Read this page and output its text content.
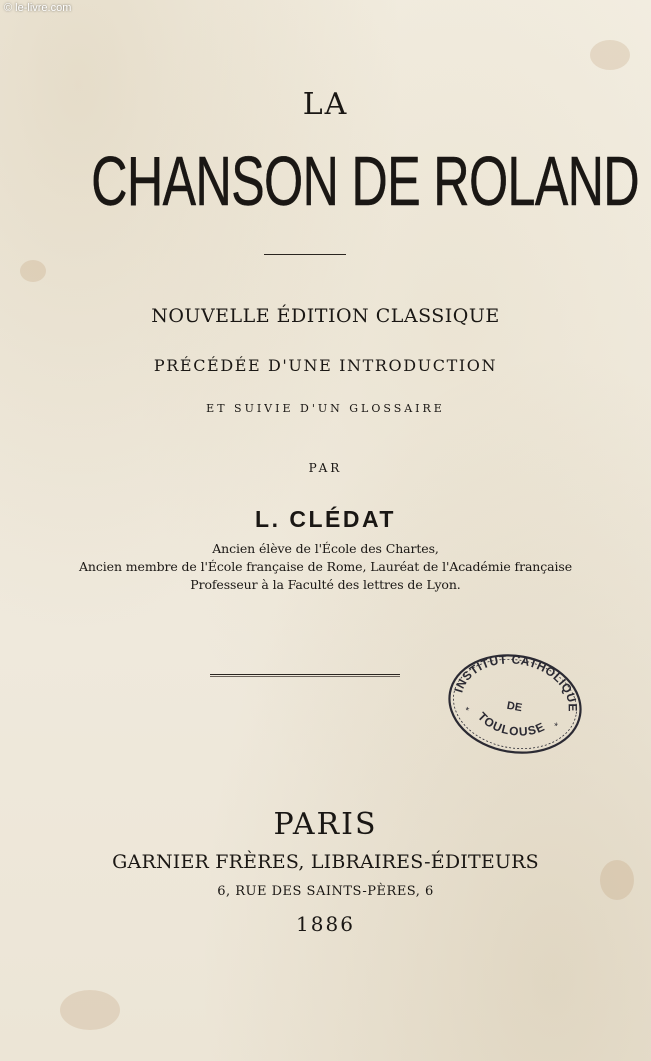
© le-livre.com
LA
CHANSON DE ROLAND
NOUVELLE ÉDITION CLASSIQUE
PRÉCÉDÉE D'UNE INTRODUCTION
ET SUIVIE D'UN GLOSSAIRE
PAR
L. CLÉDAT
Ancien élève de l'École des Chartes,
Ancien membre de l'École française de Rome, Lauréat de l'Académie française
Professeur à la Faculté des lettres de Lyon.
INSTITUT CATHOLIQUE
DE
TOULOUSE
*
*
PARIS
GARNIER FRÈRES, LIBRAIRES-ÉDITEURS
6, RUE DES SAINTS-PÈRES, 6
1886
